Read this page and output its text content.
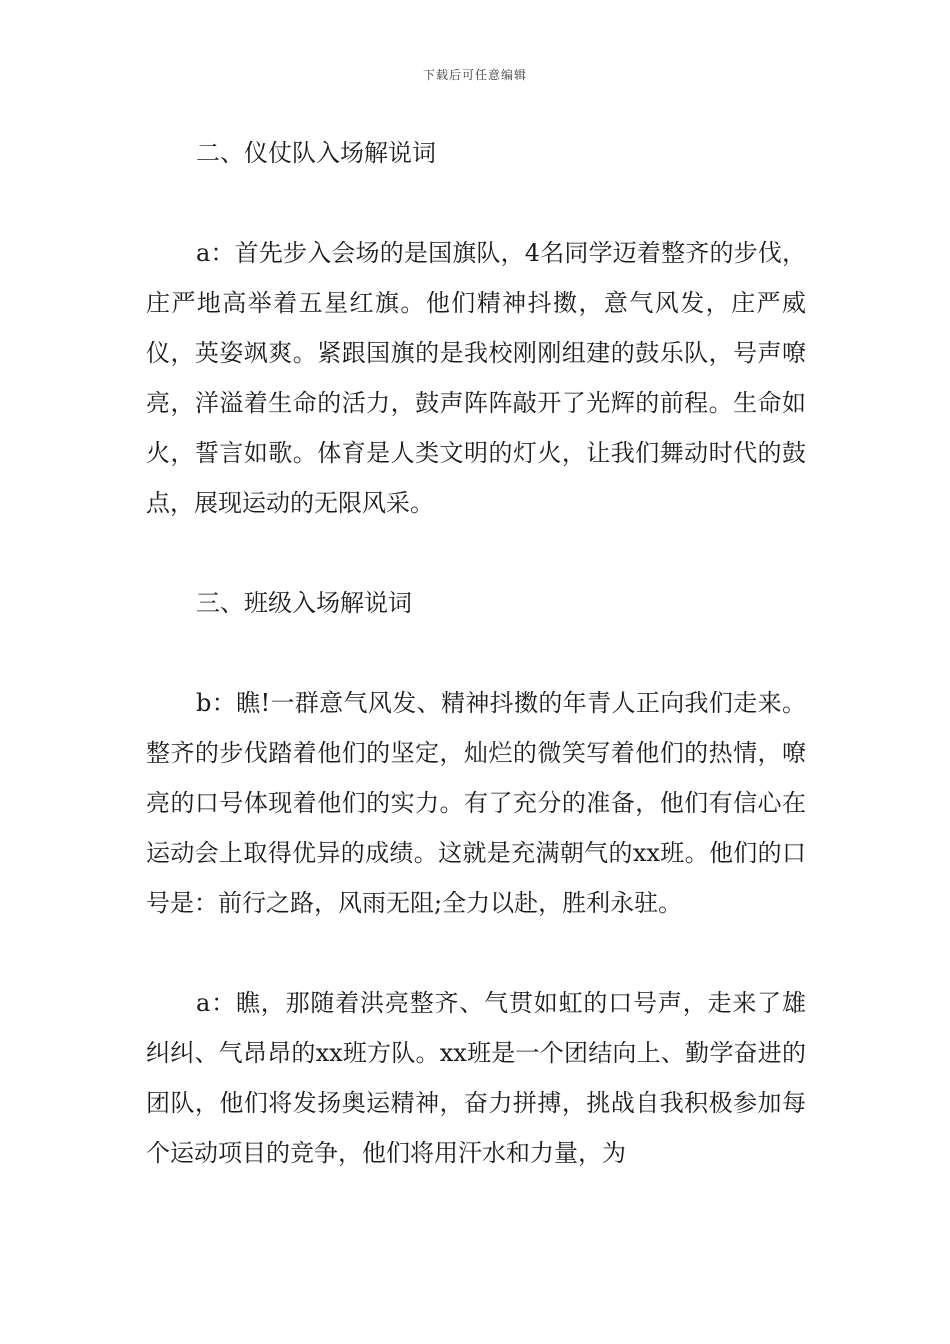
下载后可任意编辑
二、仪仗队入场解说词

a：首先步入会场的是国旗队，4名同学迈着整齐的步伐，庄严地高举着五星红旗。他们精神抖擞，意气风发，庄严威仪，英姿飒爽。紧跟国旗的是我校刚刚组建的鼓乐队，号声嘹亮，洋溢着生命的活力，鼓声阵阵敲开了光辉的前程。生命如火，誓言如歌。体育是人类文明的灯火，让我们舞动时代的鼓点，展现运动的无限风采。

三、班级入场解说词

b：瞧!一群意气风发、精神抖擞的年青人正向我们走来。整齐的步伐踏着他们的坚定，灿烂的微笑写着他们的热情，嘹亮的口号体现着他们的实力。有了充分的准备，他们有信心在运动会上取得优异的成绩。这就是充满朝气的xx班。他们的口号是：前行之路，风雨无阻;全力以赴，胜利永驻。

a：瞧，那随着洪亮整齐、气贯如虹的口号声，走来了雄纠纠、气昂昂的xx班方队。xx班是一个团结向上、勤学奋进的团队，他们将发扬奥运精神，奋力拼搏，挑战自我积极参加每个运动项目的竞争，他们将用汗水和力量，为
